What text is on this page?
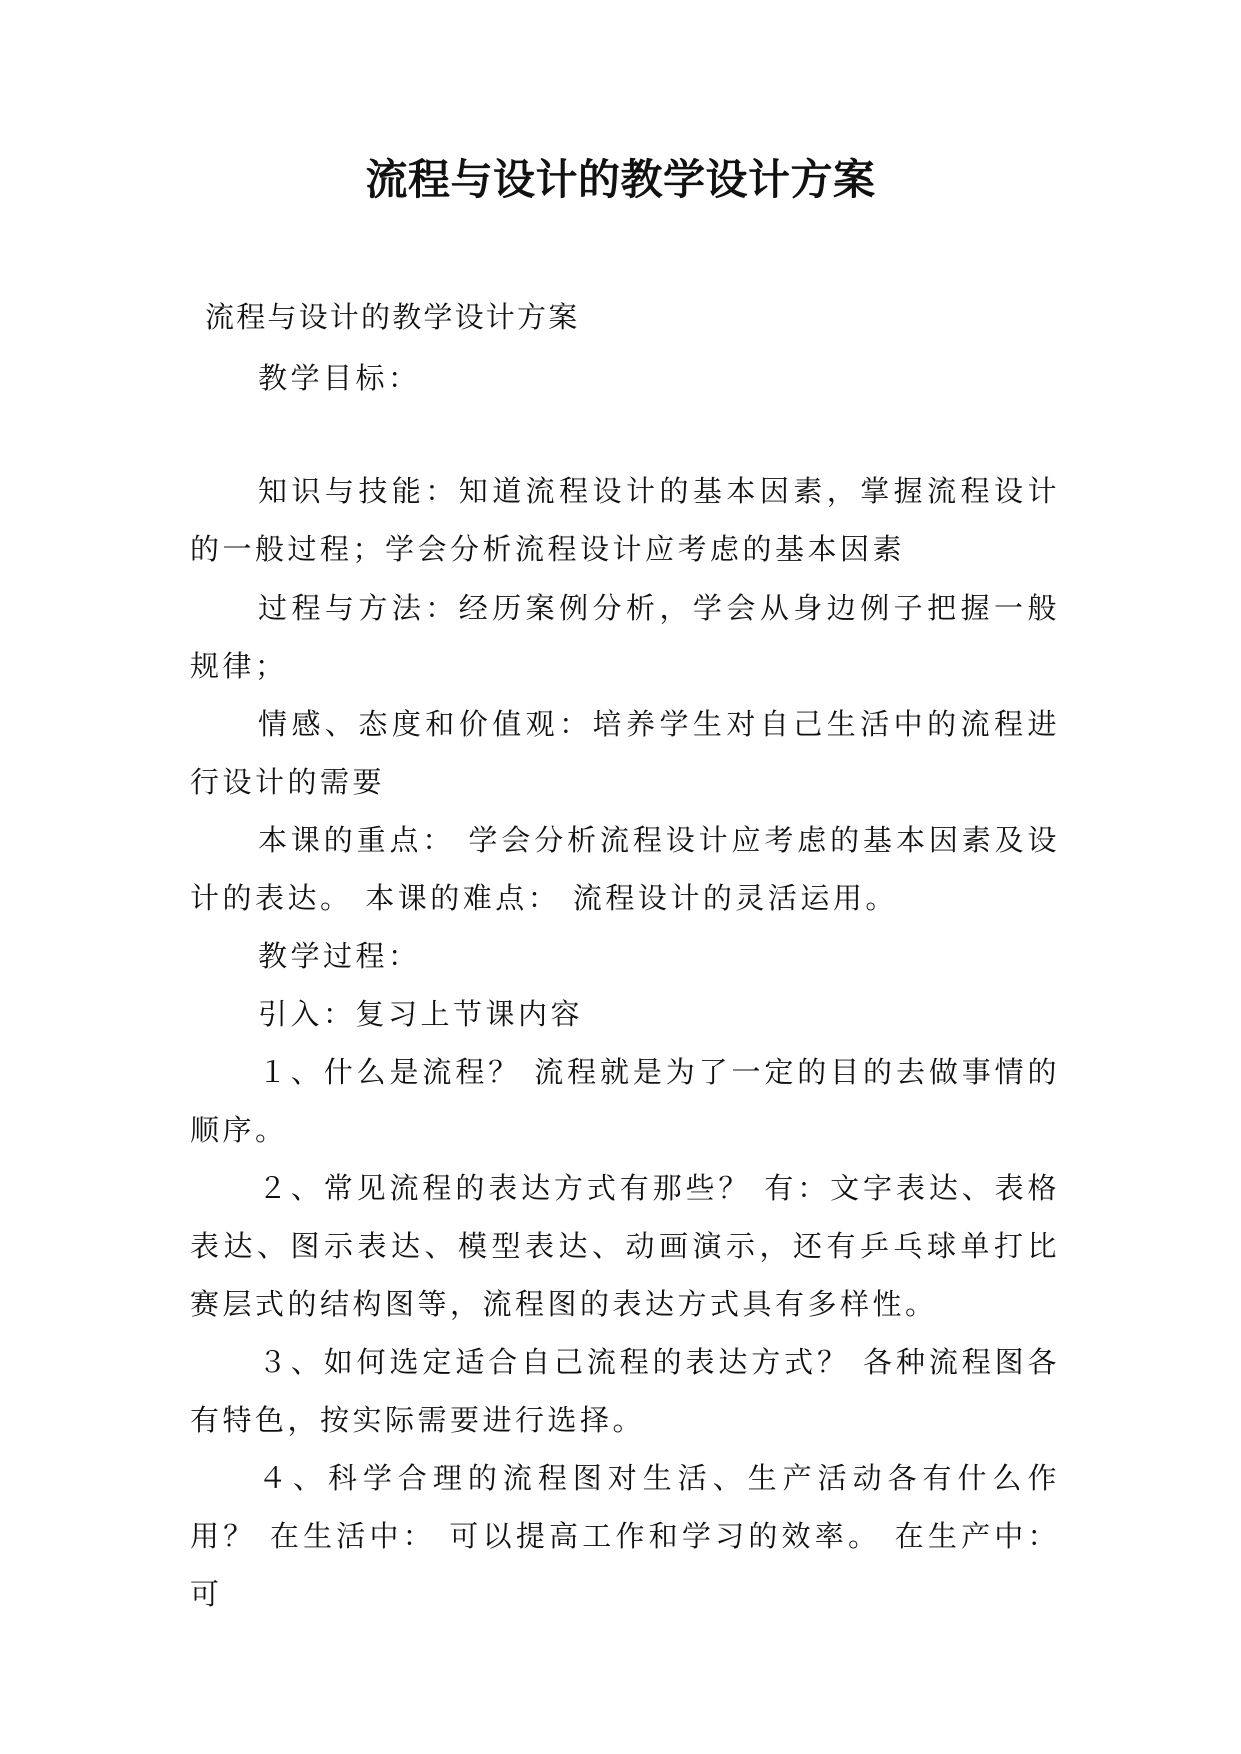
流程与设计的教学设计方案
流程与设计的教学设计方案
教学目标：
知识与技能：知道流程设计的基本因素，掌握流程设计的一般过程；学会分析流程设计应考虑的基本因素
过程与方法：经历案例分析，学会从身边例子把握一般规律；
情感、态度和价值观：培养学生对自己生活中的流程进行设计的需要
本课的重点： 学会分析流程设计应考虑的基本因素及设计的表达。 本课的难点： 流程设计的灵活运用。
教学过程：
引入：复习上节课内容
１、什么是流程？ 流程就是为了一定的目的去做事情的顺序。
２、常见流程的表达方式有那些？ 有：文字表达、表格表达、图示表达、模型表达、动画演示，还有乒乓球单打比赛层式的结构图等，流程图的表达方式具有多样性。
３、如何选定适合自己流程的表达方式？ 各种流程图各有特色，按实际需要进行选择。
４、科学合理的流程图对生活、生产活动各有什么作用？ 在生活中： 可以提高工作和学习的效率。 在生产中： 可
